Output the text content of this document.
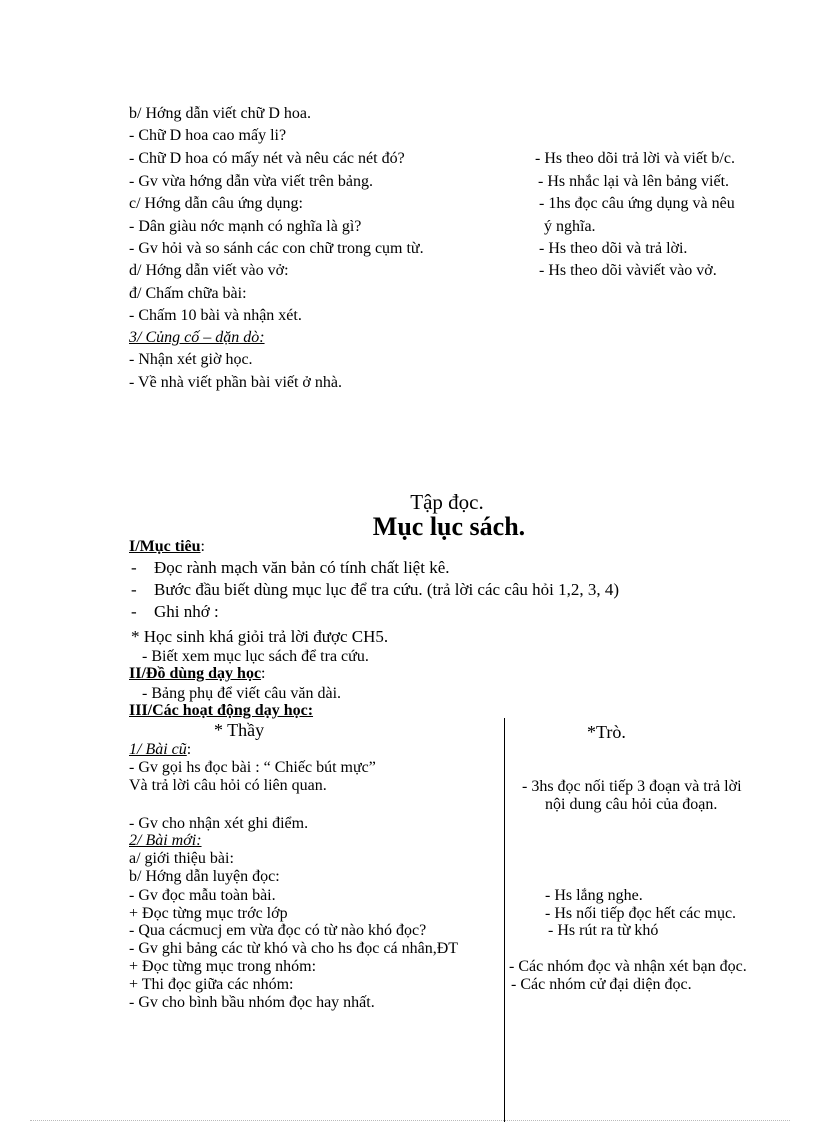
b/ Hớng dẫn viết chữ D hoa.
- Chữ D hoa cao mấy li?
- Chữ D hoa có mấy nét và nêu các nét đó?
- Gv vừa hớng dẫn vừa viết trên bảng.
c/ Hớng dẫn câu ứng dụng:
- Dân giàu nớc mạnh có nghĩa là gì?
- Gv hỏi và so sánh các con chữ trong cụm từ.
d/ Hớng dẫn viết vào vở:
đ/ Chấm chữa bài:
- Chấm 10 bài và nhận xét.
3/ Củng cố – dặn dò:
- Nhận xét giờ học.
- Về nhà viết phần bài viết ở nhà.
- Hs theo dõi trả lời và viết b/c.
- Hs nhắc lại và lên bảng viết.
- 1hs đọc câu ứng dụng và nêu
ý nghĩa.
- Hs theo dõi và trả lời.
- Hs theo dõi vàviết vào vở.
Tập đọc.
Mục lục sách.
I/Mục tiêu:
- Đọc rành mạch văn bản có tính chất liệt kê.
- Bước đầu biết dùng mục lục để tra cứu. (trả lời các câu hỏi 1,2, 3, 4)
- Ghi nhớ :
* Học sinh khá giỏi trả lời được CH5.
- Biết xem mục lục sách để tra cứu.
II/Đồ dùng dạy học:
- Bảng phụ để viết câu văn dài.
III/Các hoạt động dạy học:
* Thầy	*Trò.
1/ Bài cũ:
- Gv gọi hs đọc bài : “ Chiếc bút mực”
Và trả lời câu hỏi có liên quan.
- Gv cho nhận xét ghi điểm.
2/ Bài mới:
a/ giới thiệu bài:
b/ Hớng dẫn luyện đọc:
- Gv đọc mẫu toàn bài.
+ Đọc từng mục trớc lớp
- Qua cácmucj em vừa đọc có từ nào khó đọc?
- Gv ghi bảng các từ khó và cho hs đọc cá nhân,ĐT
+ Đọc từng mục trong nhóm:
+ Thi đọc giữa các nhóm:
- Gv cho bình bầu nhóm đọc hay nhất.
- 3hs đọc nối tiếp 3 đoạn và trả lời
nội dung câu hỏi của đoạn.
- Hs lắng nghe.
- Hs nối tiếp đọc hết các mục.
- Hs rút ra từ khó
- Các nhóm đọc và nhận xét bạn đọc.
- Các nhóm cử đại diện đọc.
